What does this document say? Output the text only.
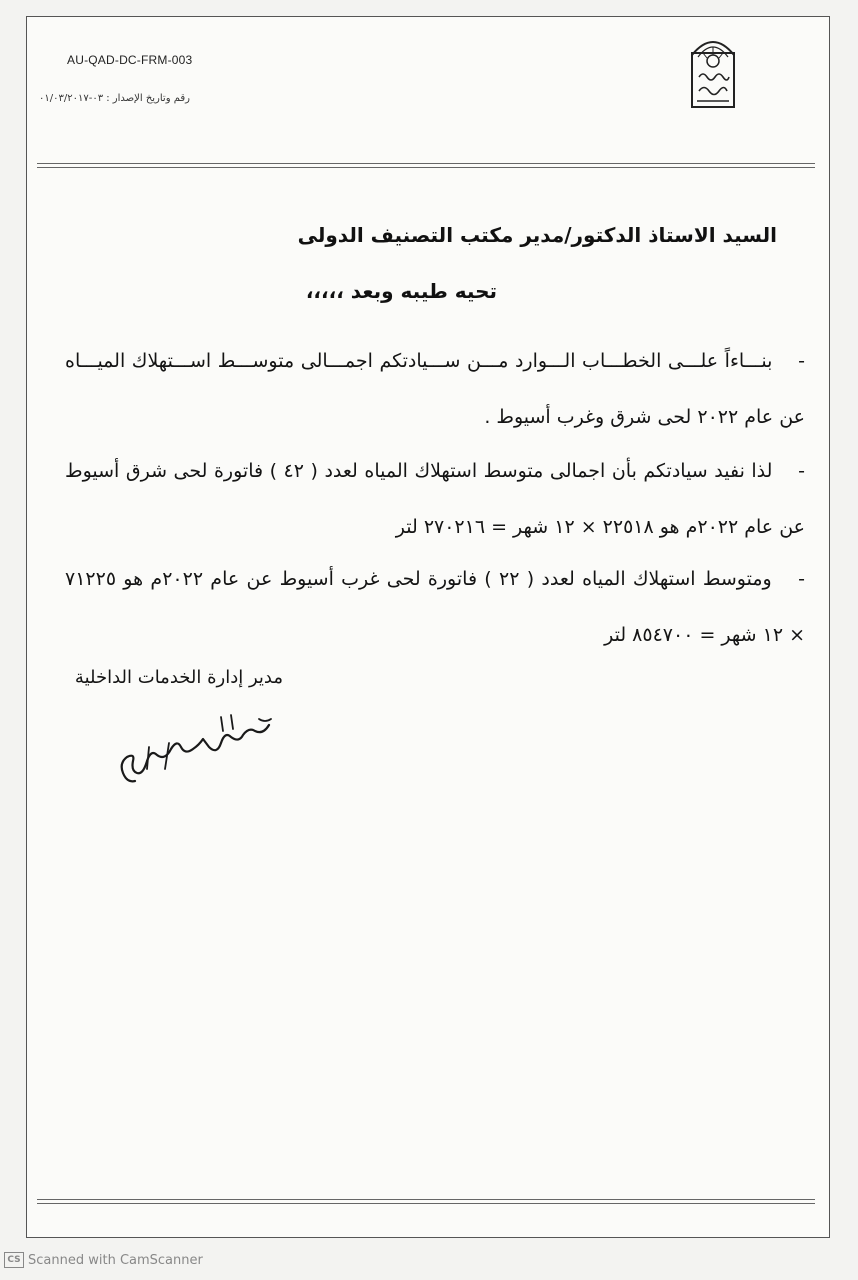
AU-QAD-DC-FRM-003
رقم وتاريخ الإصدار : ٠٣-٠١/٠٣/٢٠١٧
السيد الاستاذ الدكتور/مدير مكتب التصنيف الدولى
تحيه طيبه وبعد ،،،،،
- بنـــاءاً علـــى الخطـــاب الـــوارد مـــن ســـيادتكم اجمـــالى متوســـط اســـتهلاك الميـــاه عن عام ٢٠٢٢ لحى شرق وغرب أسيوط .
- لذا نفيد سيادتكم بأن اجمالى متوسط استهلاك المياه لعدد ( ٤٢ ) فاتورة لحى شرق أسيوط عن عام ٢٠٢٢م هو ٢٢٥١٨ × ١٢ شهر = ٢٧٠٢١٦ لتر
- ومتوسط استهلاك المياه لعدد ( ٢٢ ) فاتورة لحى غرب أسيوط عن عام ٢٠٢٢م هو ٧١٢٢٥ × ١٢ شهر = ٨٥٤٧٠٠ لتر
مدير إدارة الخدمات الداخلية
CS Scanned with CamScanner
